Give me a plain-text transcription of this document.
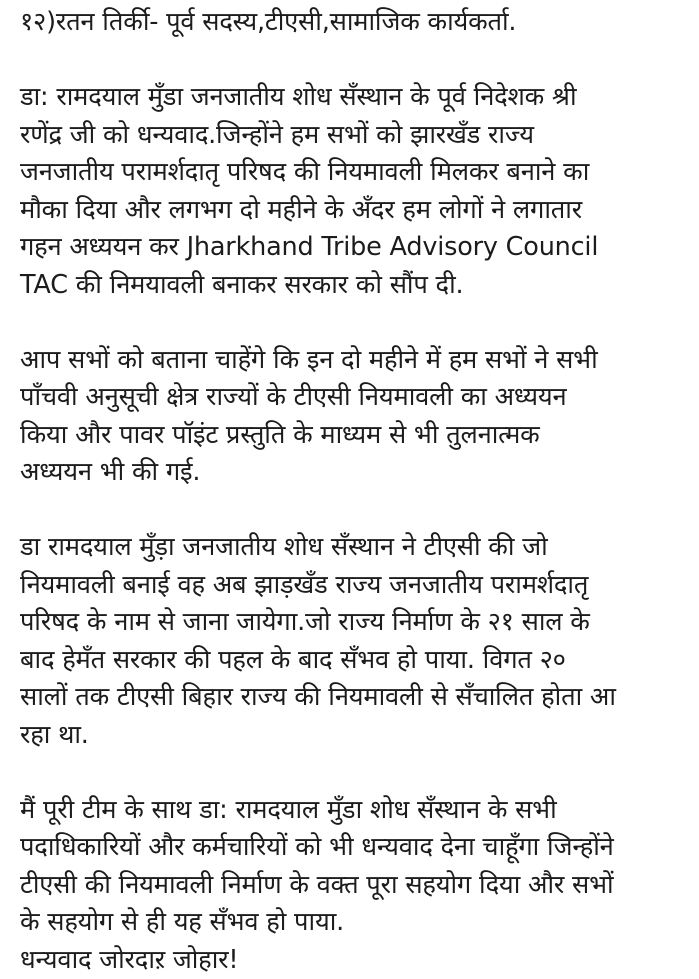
१२)रतन तिर्की- पूर्व सदस्य,टीएसी,सामाजिक कार्यकर्ता.
डा: रामदयाल मुँडा जनजातीय शोध सँस्थान के पूर्व निदेशक श्री
रणेंद्र जी को धन्यवाद.जिन्होंने हम सभों को झारखँड राज्य
जनजातीय परामर्शदातृ परिषद की नियमावली मिलकर बनाने का
मौका दिया और लगभग दो महीने के अँदर हम लोगों ने लगातार
गहन अध्ययन कर Jharkhand Tribe Advisory Council
TAC की निमयावली बनाकर सरकार को सौंप दी.
आप सभों को बताना चाहेंगे कि इन दो महीने में हम सभों ने सभी
पाँचवी अनुसूची क्षेत्र राज्यों के टीएसी नियमावली का अध्ययन
किया और पावर पॉइंट प्रस्तुति के माध्यम से भी तुलनात्मक
अध्ययन भी की गई.
डा रामदयाल मुँड़ा जनजातीय शोध सँस्थान ने टीएसी की जो
नियमावली बनाई वह अब झाड़खँड राज्य जनजातीय परामर्शदातृ
परिषद के नाम से जाना जायेगा.जो राज्य निर्माण के २१ साल के
बाद हेमँत सरकार की पहल के बाद सँभव हो पाया. विगत २०
सालों तक टीएसी बिहार राज्य की नियमावली से सँचालित होता आ
रहा था.
मैं पूरी टीम के साथ डा: रामदयाल मुँडा शोध सँस्थान के सभी
पदाधिकारियों और कर्मचारियों को भी धन्यवाद देना चाहूँगा जिन्होंने
टीएसी की नियमावली निर्माण के वक्त पूरा सहयोग दिया और सभों
के सहयोग से ही यह सँभव हो पाया.
धन्यवाद जोरदाऱ जोहार!
